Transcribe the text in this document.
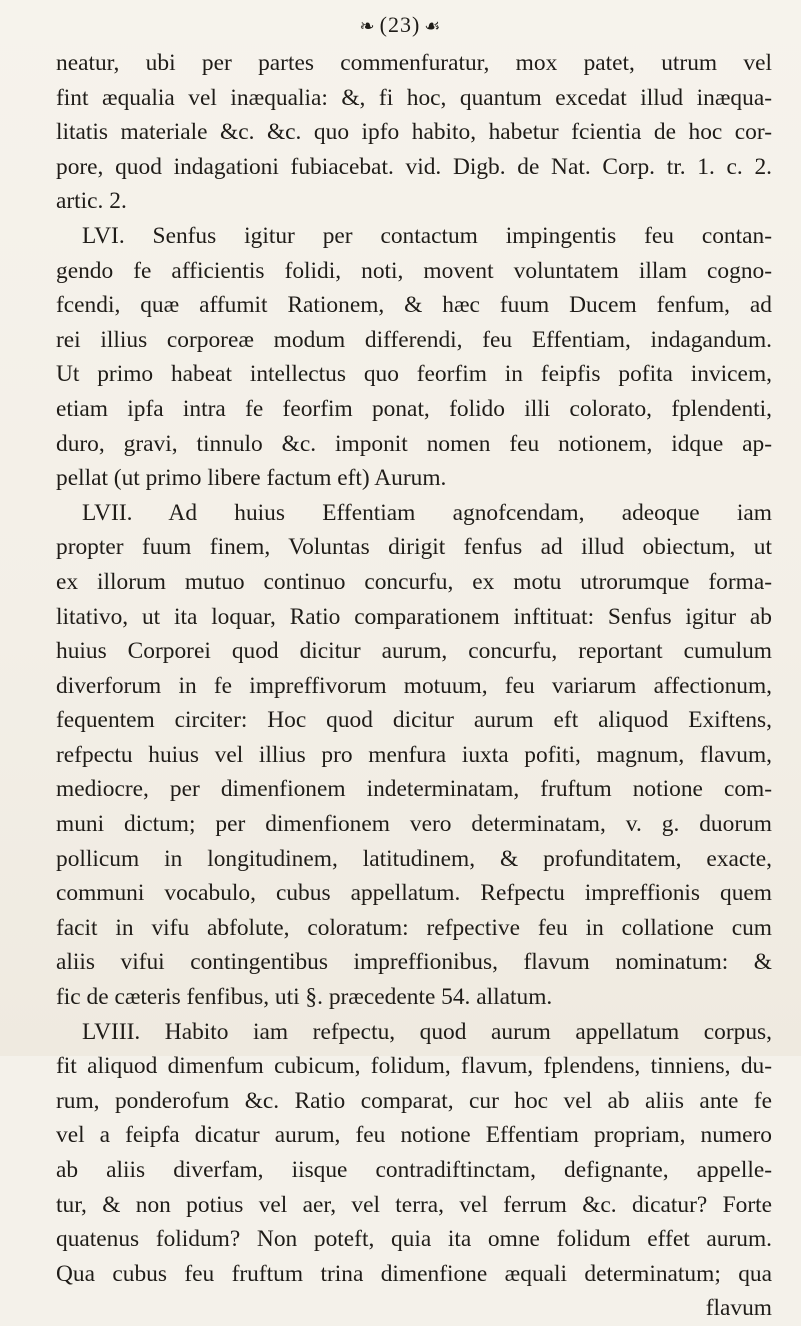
❧ (23) ☙
neatur, ubi per partes commenfuratur, mox patet, utrum vel
fint æqualia vel inæqualia: &, fi hoc, quantum excedat illud inæqua-
litatis materiale &c. &c. quo ipfo habito, habetur fcientia de hoc cor-
pore, quod indagationi fubiacebat. vid. Digb. de Nat. Corp. tr. 1. c. 2.
artic. 2.
LVI. Senfus igitur per contactum impingentis feu contan-
gendo fe afficientis folidi, noti, movent voluntatem illam cogno-
fcendi, quæ affumit Rationem, & hæc fuum Ducem fenfum, ad
rei illius corporeæ modum differendi, feu Effentiam, indagandum.
Ut primo habeat intellectus quo feorfim in feipfis pofita invicem,
etiam ipfa intra fe feorfim ponat, folido illi colorato, fplendenti,
duro, gravi, tinnulo &c. imponit nomen feu notionem, idque ap-
pellat (ut primo libere factum eft) Aurum.
LVII. Ad huius Effentiam agnofcendam, adeoque iam
propter fuum finem, Voluntas dirigit fenfus ad illud obiectum, ut
ex illorum mutuo continuo concurfu, ex motu utrorumque forma-
litativo, ut ita loquar, Ratio comparationem inftituat: Senfus igitur ab
huius Corporei quod dicitur aurum, concurfu, reportant cumulum
diverforum in fe impreffivorum motuum, feu variarum affectionum,
fequentem circiter: Hoc quod dicitur aurum eft aliquod Exiftens,
refpectu huius vel illius pro menfura iuxta pofiti, magnum, flavum,
mediocre, per dimenfionem indeterminatam, fruftum notione com-
muni dictum; per dimenfionem vero determinatam, v. g. duorum
pollicum in longitudinem, latitudinem, & profunditatem, exacte,
communi vocabulo, cubus appellatum. Refpectu impreffionis quem
facit in vifu abfolute, coloratum: refpective feu in collatione cum
aliis vifui contingentibus impreffionibus, flavum nominatum: &
fic de cæteris fenfibus, uti §. præcedente 54. allatum.
LVIII. Habito iam refpectu, quod aurum appellatum corpus,
fit aliquod dimenfum cubicum, folidum, flavum, fplendens, tinniens, du-
rum, ponderofum &c. Ratio comparat, cur hoc vel ab aliis ante fe
vel a feipfa dicatur aurum, feu notione Effentiam propriam, numero
ab aliis diverfam, iisque contradiftinctam, defignante, appelle-
tur, & non potius vel aer, vel terra, vel ferrum &c. dicatur? Forte
quatenus folidum? Non poteft, quia ita omne folidum effet aurum.
Qua cubus feu fruftum trina dimenfione æquali determinatum; qua
flavum
